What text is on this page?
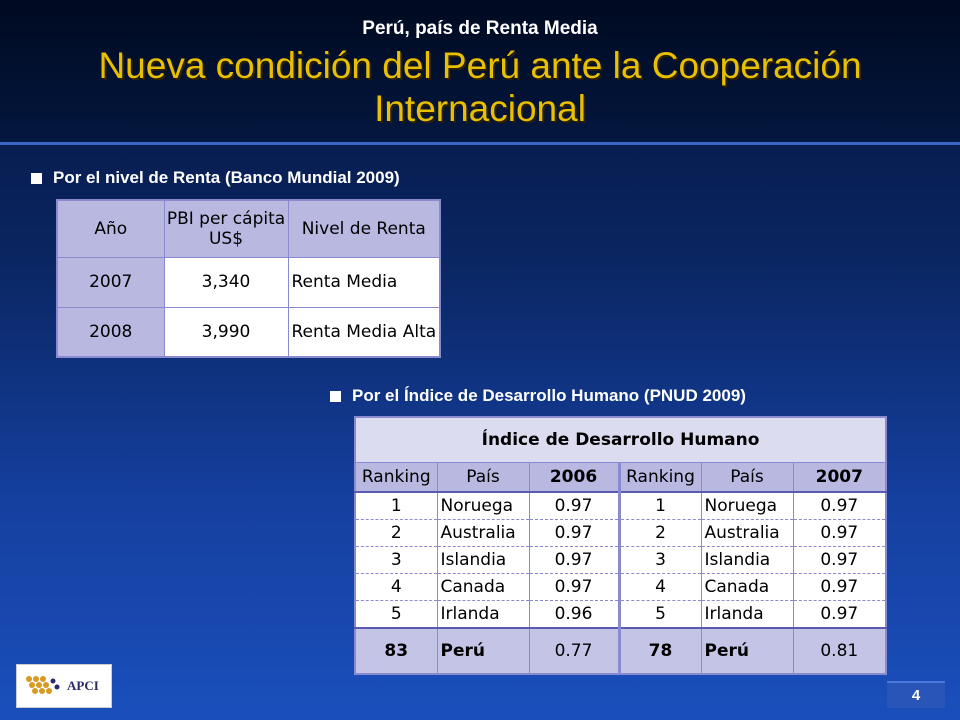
Perú, país de Renta Media
Nueva condición del Perú ante la Cooperación Internacional
Por el nivel de Renta (Banco Mundial 2009)
Año	PBI per cápita US$	Nivel de Renta
2007	3,340	Renta Media
2008	3,990	Renta Media Alta
Por el Índice de Desarrollo Humano (PNUD 2009)
Índice de Desarrollo Humano					
Ranking	País	2006	Ranking	País	2007
1	Noruega	0.97	1	Noruega	0.97
2	Australia	0.97	2	Australia	0.97
3	Islandia	0.97	3	Islandia	0.97
4	Canada	0.97	4	Canada	0.97
5	Irlanda	0.96	5	Irlanda	0.97
83	Perú	0.77	78	Perú	0.81
APCI
4
